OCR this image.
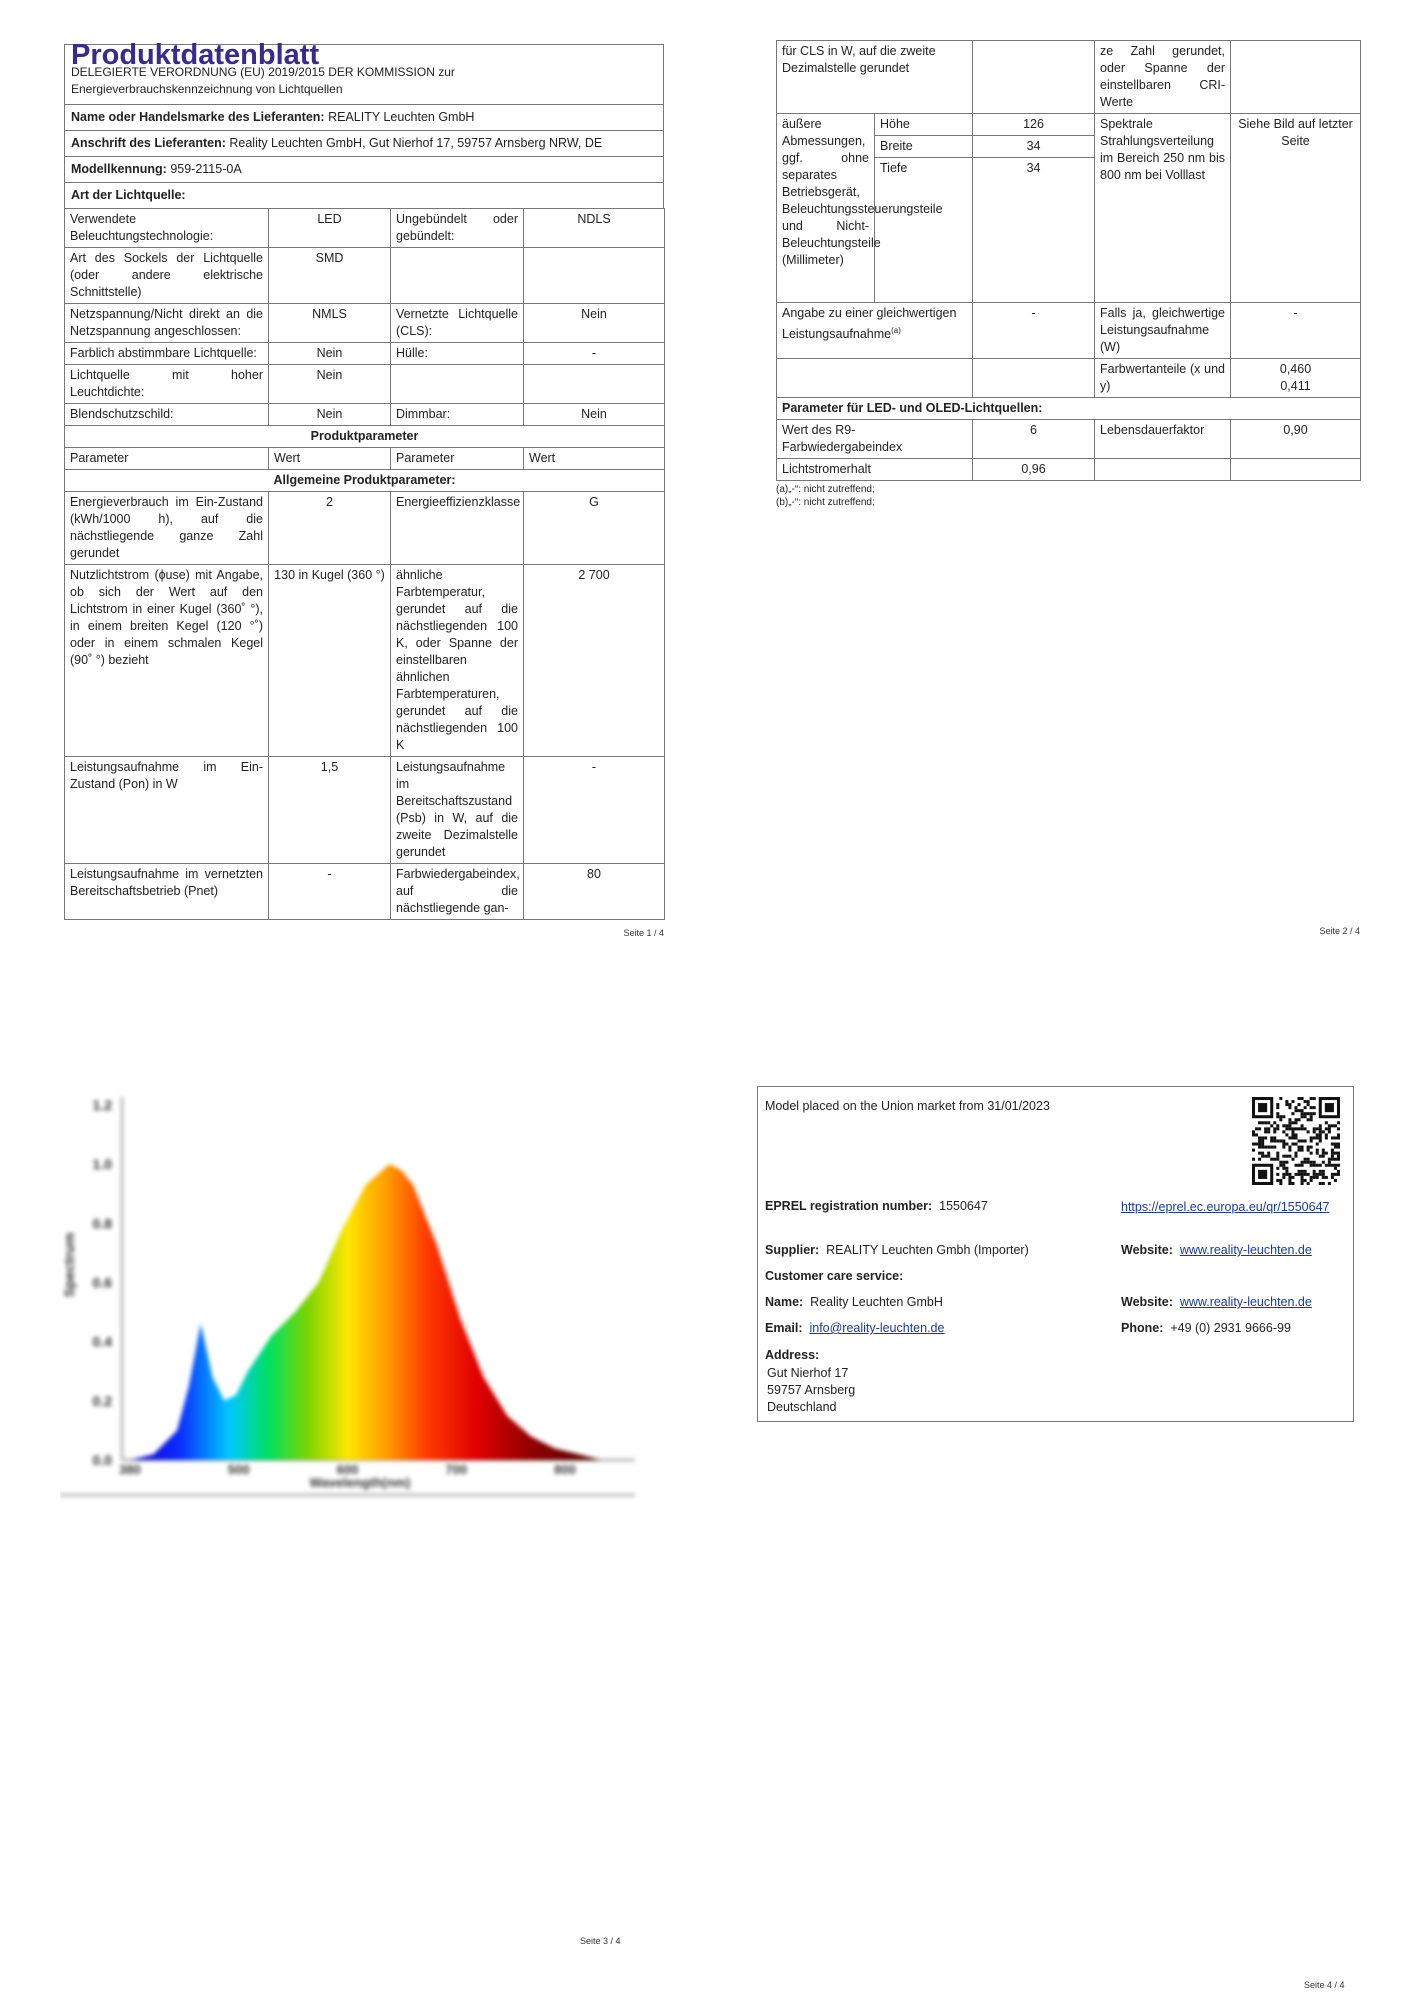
Produktdatenblatt
DELEGIERTE VERORDNUNG (EU) 2019/2015 DER KOMMISSION zur Energieverbrauchskennzeichnung von Lichtquellen

Name oder Handelsmarke des Lieferanten: REALITY Leuchten GmbH
Anschrift des Lieferanten: Reality Leuchten GmbH, Gut Nierhof 17, 59757 Arnsberg NRW, DE
Modellkennung: 959-2115-0A
Art der Lichtquelle:
Verwendete Beleuchtungstechnologie:	LED	Ungebündelt oder gebündelt:	NDLS
Art des Sockels der Lichtquelle (oder andere elektrische Schnittstelle)	SMD		
Netzspannung/Nicht direkt an die Netzspannung angeschlossen:	NMLS	Vernetzte Lichtquelle (CLS):	Nein
Farblich abstimmbare Lichtquelle:	Nein	Hülle:	-
Lichtquelle mit hoher Leuchtdichte:	Nein		
Blendschutzschild:	Nein	Dimmbar:	Nein
Produktparameter			
Parameter	Wert	Parameter	Wert
Allgemeine Produktparameter:			
Energieverbrauch im Ein-Zustand (kWh/1000 h), auf die nächstliegende ganze Zahl gerundet	2	Energieeffizienzklasse	G
Nutzlichtstrom (ɸuse) mit Angabe, ob sich der Wert auf den Lichtstrom in einer Kugel (360˚ °), in einem breiten Kegel (120 °˚) oder in einem schmalen Kegel (90˚ °) bezieht	130 in Kugel (360 °)	ähnliche Farbtemperatur, gerundet auf die nächstliegenden 100 K, oder Spanne der einstellbaren ähnlichen Farbtemperaturen, gerundet auf die nächstliegenden 100 K	2 700
Leistungsaufnahme im Ein-Zustand (Pon) in W	1,5	Leistungsaufnahme im Bereitschaftszustand (Psb) in W, auf die zweite Dezimalstelle gerundet	-
Leistungsaufnahme im vernetzten Bereitschaftsbetrieb (Pnet)	-	Farbwiedergabeindex, auf die nächstliegende gan-	80
Seite 1 / 4
für CLS in W, auf die zweite Dezimalstelle gerundet			ze Zahl gerundet, oder Spanne der einstellbaren CRI-Werte	
äußere Abmessungen, ggf. ohne separates Betriebsgerät, Beleuchtungssteuerungsteile und Nicht-Beleuchtungsteile (Millimeter)	Höhe	126	Spektrale Strahlungsverteilung im Bereich 250 nm bis 800 nm bei Volllast	Siehe Bild auf letzter Seite
	Breite	34		
	Tiefe	34		
Angabe zu einer gleichwertigen Leistungsaufnahme$^{(a)}$		-	Falls ja, gleichwertige Leistungsaufnahme (W)	-
			Farbwertanteile (x und y)	0,460
0,411

Parameter für LED- und OLED-Lichtquellen:				
Wert des R9-Farbwiedergabeindex		6	Lebensdauerfaktor	0,90
Lichtstromerhalt		0,96		
(a)„-“: nicht zutreffend;
(b)„-“: nicht zutreffend;
Seite 2 / 4
1.2
1.0
0.8
0.6
0.4
0.2
0.0
380	500	600	700	800
Spectrum
Wavelength(nm)
Seite 3 / 4
Model placed on the Union market from 31/01/2023
EPREL registration number: 1550647	https://eprel.ec.europa.eu/qr/1550647
Supplier: REALITY Leuchten Gmbh (Importer)	Website: www.reality-leuchten.de
Customer care service:
Name: Reality Leuchten GmbH	Website: www.reality-leuchten.de
Email: info@reality-leuchten.de	Phone: +49 (0) 2931 9666-99
Address:
Gut Nierhof 17
59757 Arnsberg
Deutschland
Seite 4 / 4
